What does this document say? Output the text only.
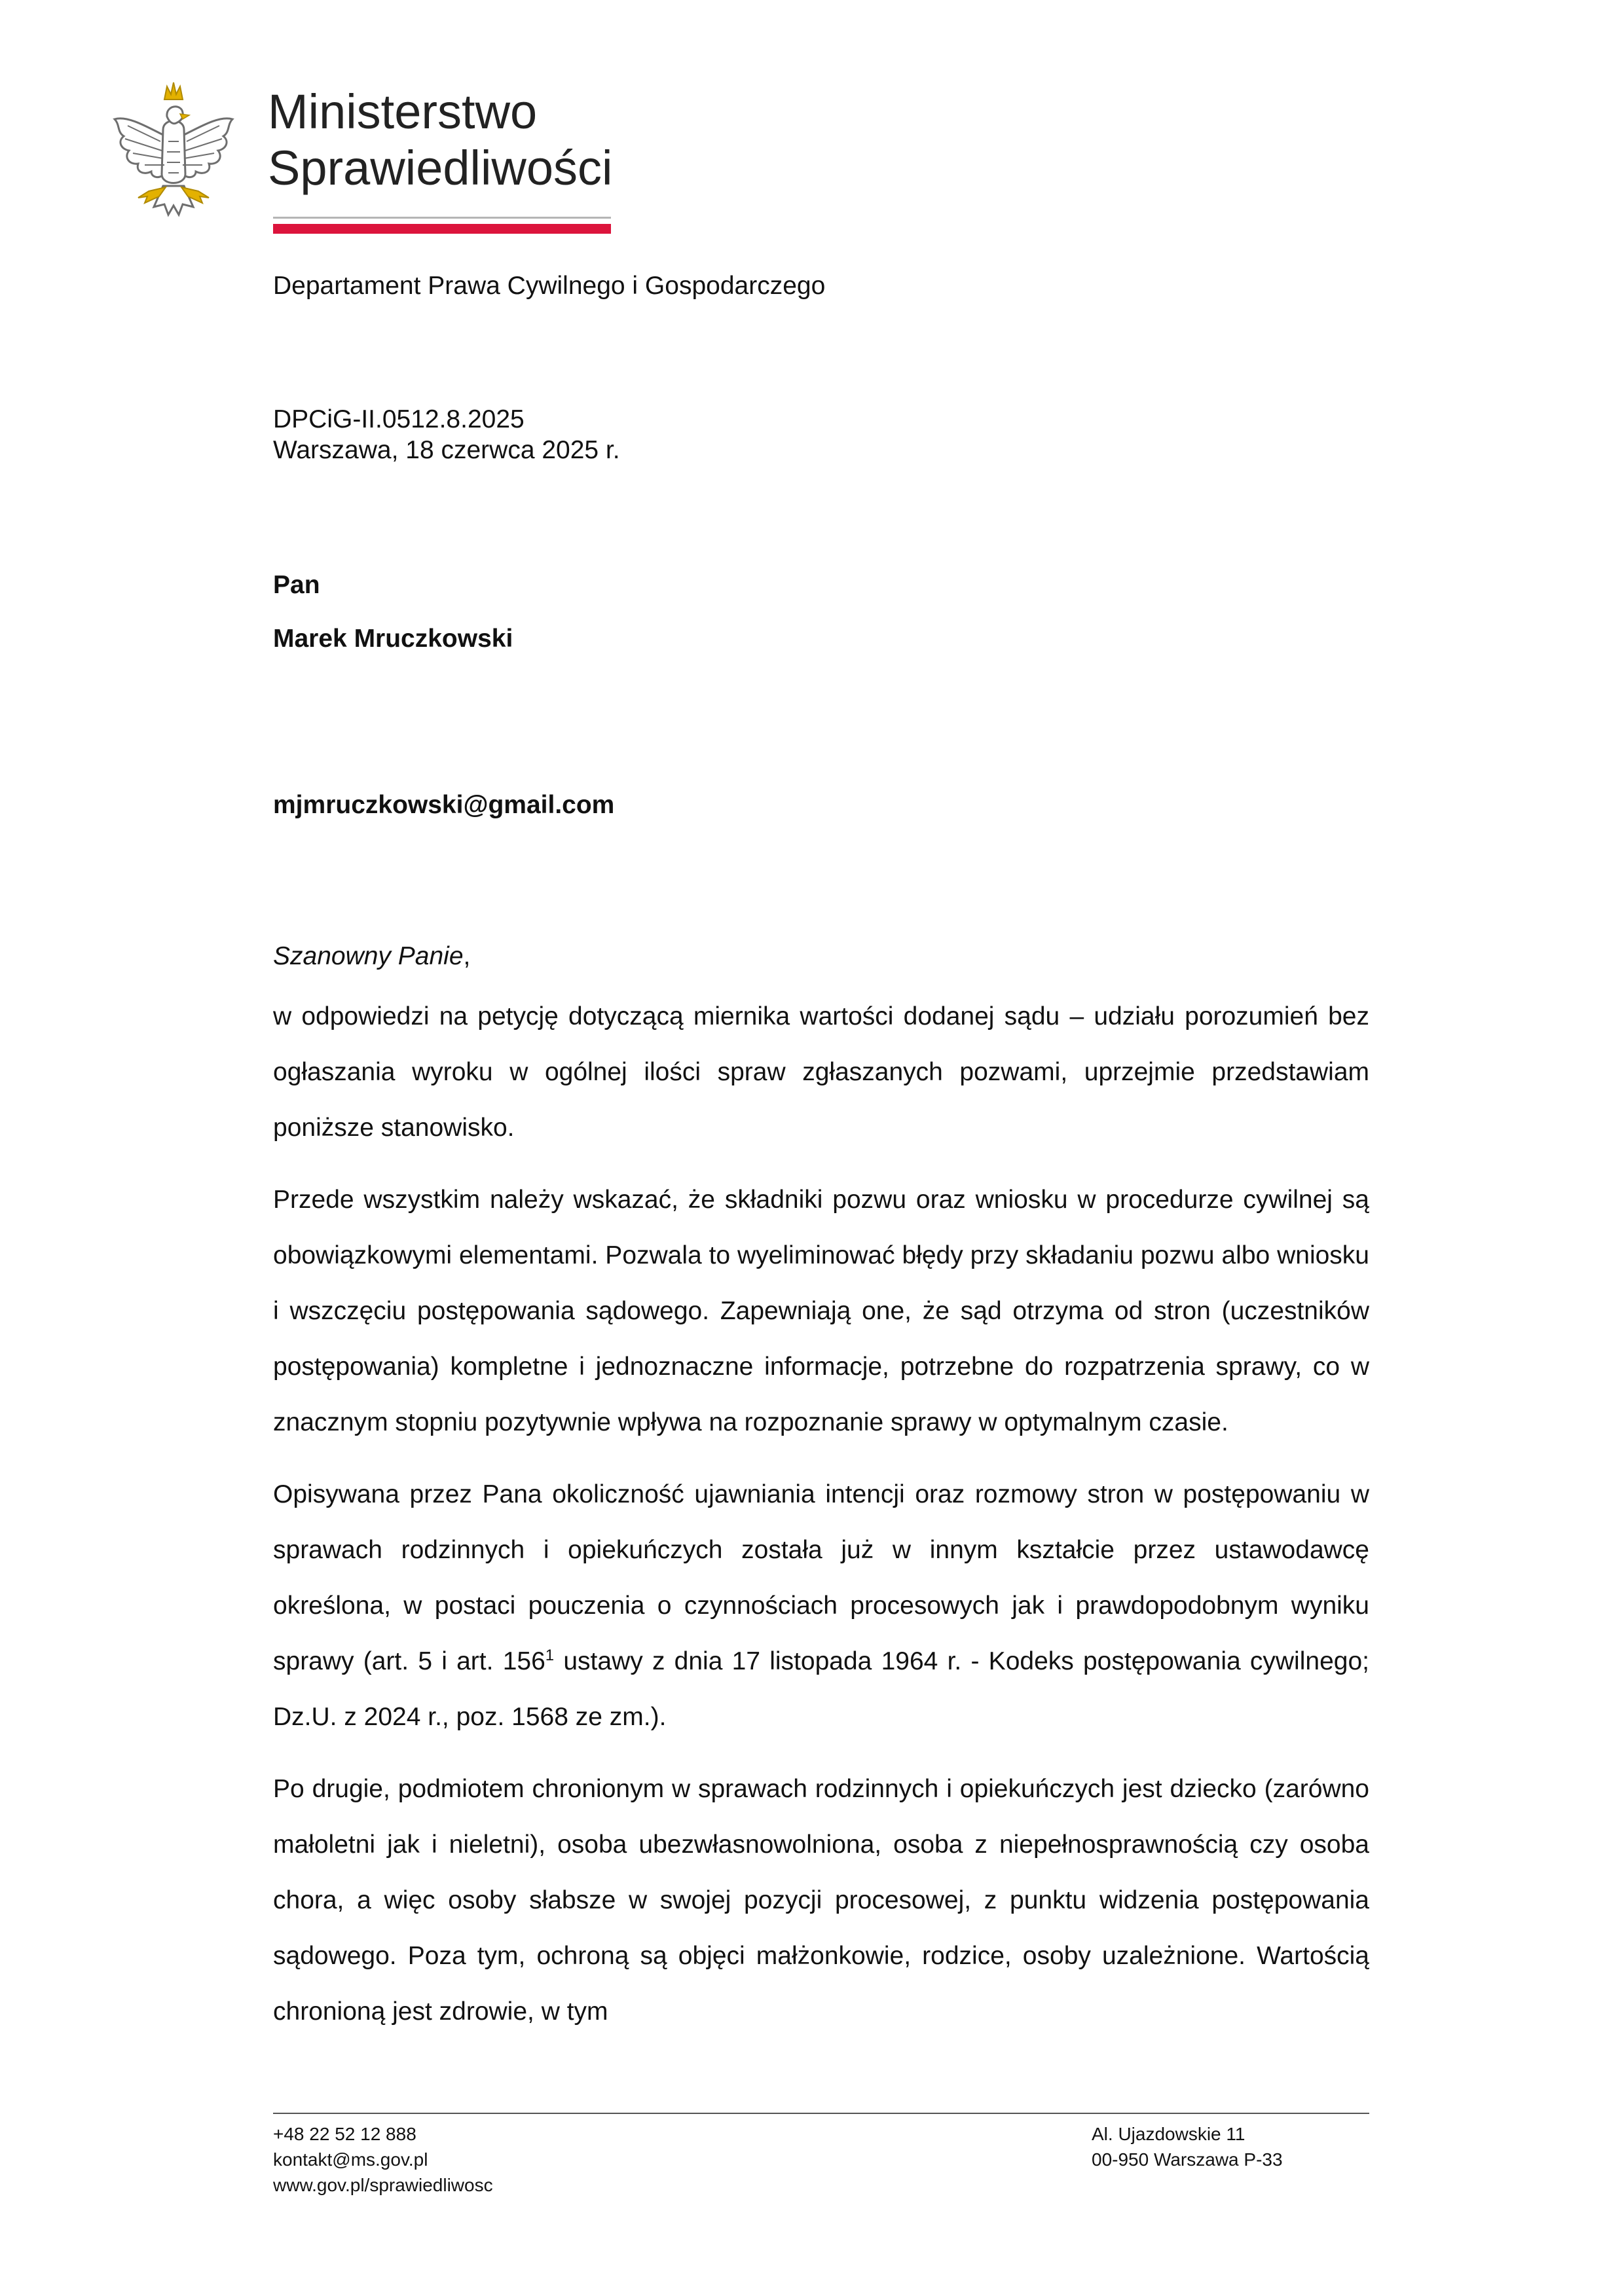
Ministerstwo
Sprawiedliwości
Departament Prawa Cywilnego i Gospodarczego
DPCiG-II.0512.8.2025
Warszawa, 18 czerwca 2025 r.
Pan
Marek Mruczkowski
mjmruczkowski@gmail.com
Szanowny Panie,

w odpowiedzi na petycję dotyczącą miernika wartości dodanej sądu – udziału porozumień bez ogłaszania wyroku w ogólnej ilości spraw zgłaszanych pozwami, uprzejmie przedstawiam poniższe stanowisko.

Przede wszystkim należy wskazać, że składniki pozwu oraz wniosku w procedurze cywilnej są obowiązkowymi elementami. Pozwala to wyeliminować błędy przy składaniu pozwu albo wniosku i wszczęciu postępowania sądowego. Zapewniają one, że sąd otrzyma od stron (uczestników postępowania) kompletne i jednoznaczne informacje, potrzebne do rozpatrzenia sprawy, co w znacznym stopniu pozytywnie wpływa na rozpoznanie sprawy w optymalnym czasie.

Opisywana przez Pana okoliczność ujawniania intencji oraz rozmowy stron w postępowaniu w sprawach rodzinnych i opiekuńczych została już w innym kształcie przez ustawodawcę określona, w postaci pouczenia o czynnościach procesowych jak i prawdopodobnym wyniku sprawy (art. 5 i art. $156^1$ ustawy z dnia 17 listopada 1964 r. - Kodeks postępowania cywilnego; Dz.U. z 2024 r., poz. 1568 ze zm.).

Po drugie, podmiotem chronionym w sprawach rodzinnych i opiekuńczych jest dziecko (zarówno małoletni jak i nieletni), osoba ubezwłasnowolniona, osoba z niepełnosprawnością czy osoba chora, a więc osoby słabsze w swojej pozycji procesowej, z punktu widzenia postępowania sądowego. Poza tym, ochroną są objęci małżonkowie, rodzice, osoby uzależnione. Wartością chronioną jest zdrowie, w tym

+48 22 52 12 888
kontakt@ms.gov.pl
www.gov.pl/sprawiedliwosc
Al. Ujazdowskie 11
00-950 Warszawa P-33
